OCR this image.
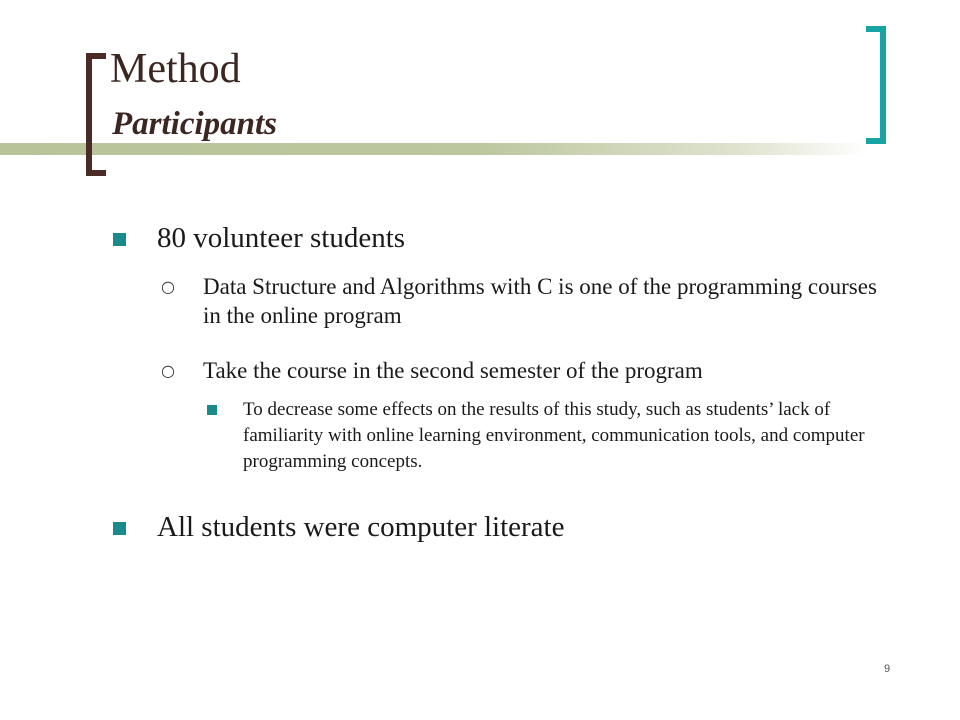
Method
Participants
80 volunteer students
○ Data Structure and Algorithms with C is one of the programming courses in the online program
○ Take the course in the second semester of the program
To decrease some effects on the results of this study, such as students’ lack of familiarity with online learning environment, communication tools, and computer programming concepts.
All students were computer literate
9
